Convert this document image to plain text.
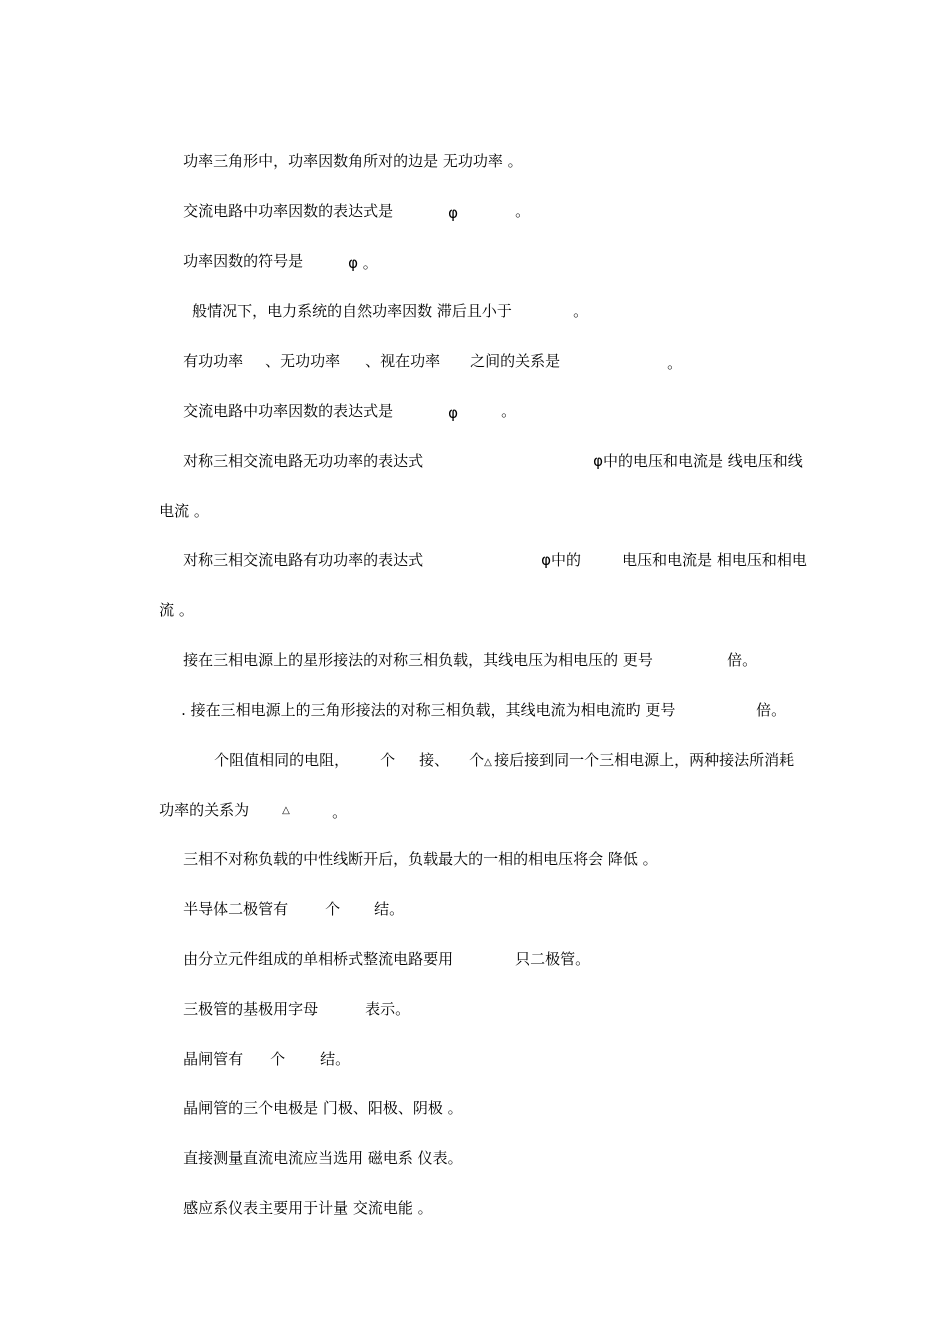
功率三角形中，功率因数角所对的边是 无功功率 。

交流电路中功率因数的表达式是
	φ
	。

功率因数的符号是
	φ 。

般情况下，电力系统的自然功率因数 滞后且小于
	。

有功功率
	、无功功率
	、视在功率
	之间的关系是
	。

交流电路中功率因数的表达式是
	φ
	。

对称三相交流电路无功功率的表达式
	φ中的电压和电流是 线电压和线

电流 。

对称三相交流电路有功功率的表达式
	φ中的
	电压和电流是 相电压和相电

流 。

接在三相电源上的星形接法的对称三相负载，其线电压为相电压的 更号
	倍。

. 接在三相电源上的三角形接法的对称三相负载，其线电流为相电流旳 更号
	倍。

个阻值相同的电阻，
	个
	接、
	个
△
接后接到同一个三相电源上，两种接法所消耗

功率的关系为
	△
	。

三相不对称负载的中性线断开后，负载最大的一相的相电压将会 降低 。

半导体二极管有
	个
	结。

由分立元件组成的单相桥式整流电路要用
	只二极管。

三极管的基极用字母
	表示。

晶闸管有
	个
	结。

晶闸管的三个电极是 门极、阳极、阴极 。

直接测量直流电流应当选用 磁电系 仪表。

感应系仪表主要用于计量 交流电能 。
